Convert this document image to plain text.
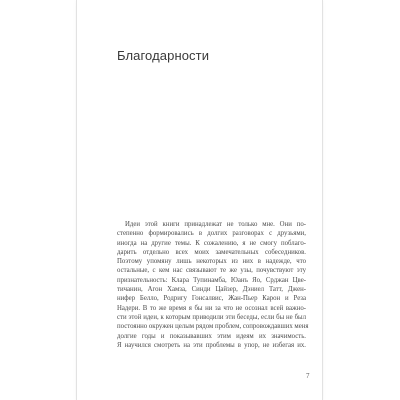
Благодарности
Идеи этой книги принадлежат не только мне. Они по-
степенно формировались в долгих разговорах с друзьями,
иногда на другие темы. К сожалению, я не смогу поблаго-
дарить отдельно всех моих замечательных собеседников.
Поэтому упомяну лишь некоторых из них в надежде, что
остальные, с кем нас связывают те же узы, почувствуют эту
признательность: Клара Тупинамба, Юанъ Яо, Срджан Цве-
тичанин, Агон Хамза, Синди Цайзер, Дэниел Татт, Джен-
нифер Белло, Родригу Гонсалвис, Жан-Пьер Карон и Реза
Надери. В то же время я бы ни за что не осознал всей важно-
сти этой идеи, к которым приводили эти беседы, если бы не был
постоянно окружен целым рядом проблем, сопровождавших меня
долгие годы и показывавших этим идеям их значимость.
Я научился смотреть на эти проблемы в упор, не избегая их.
7
